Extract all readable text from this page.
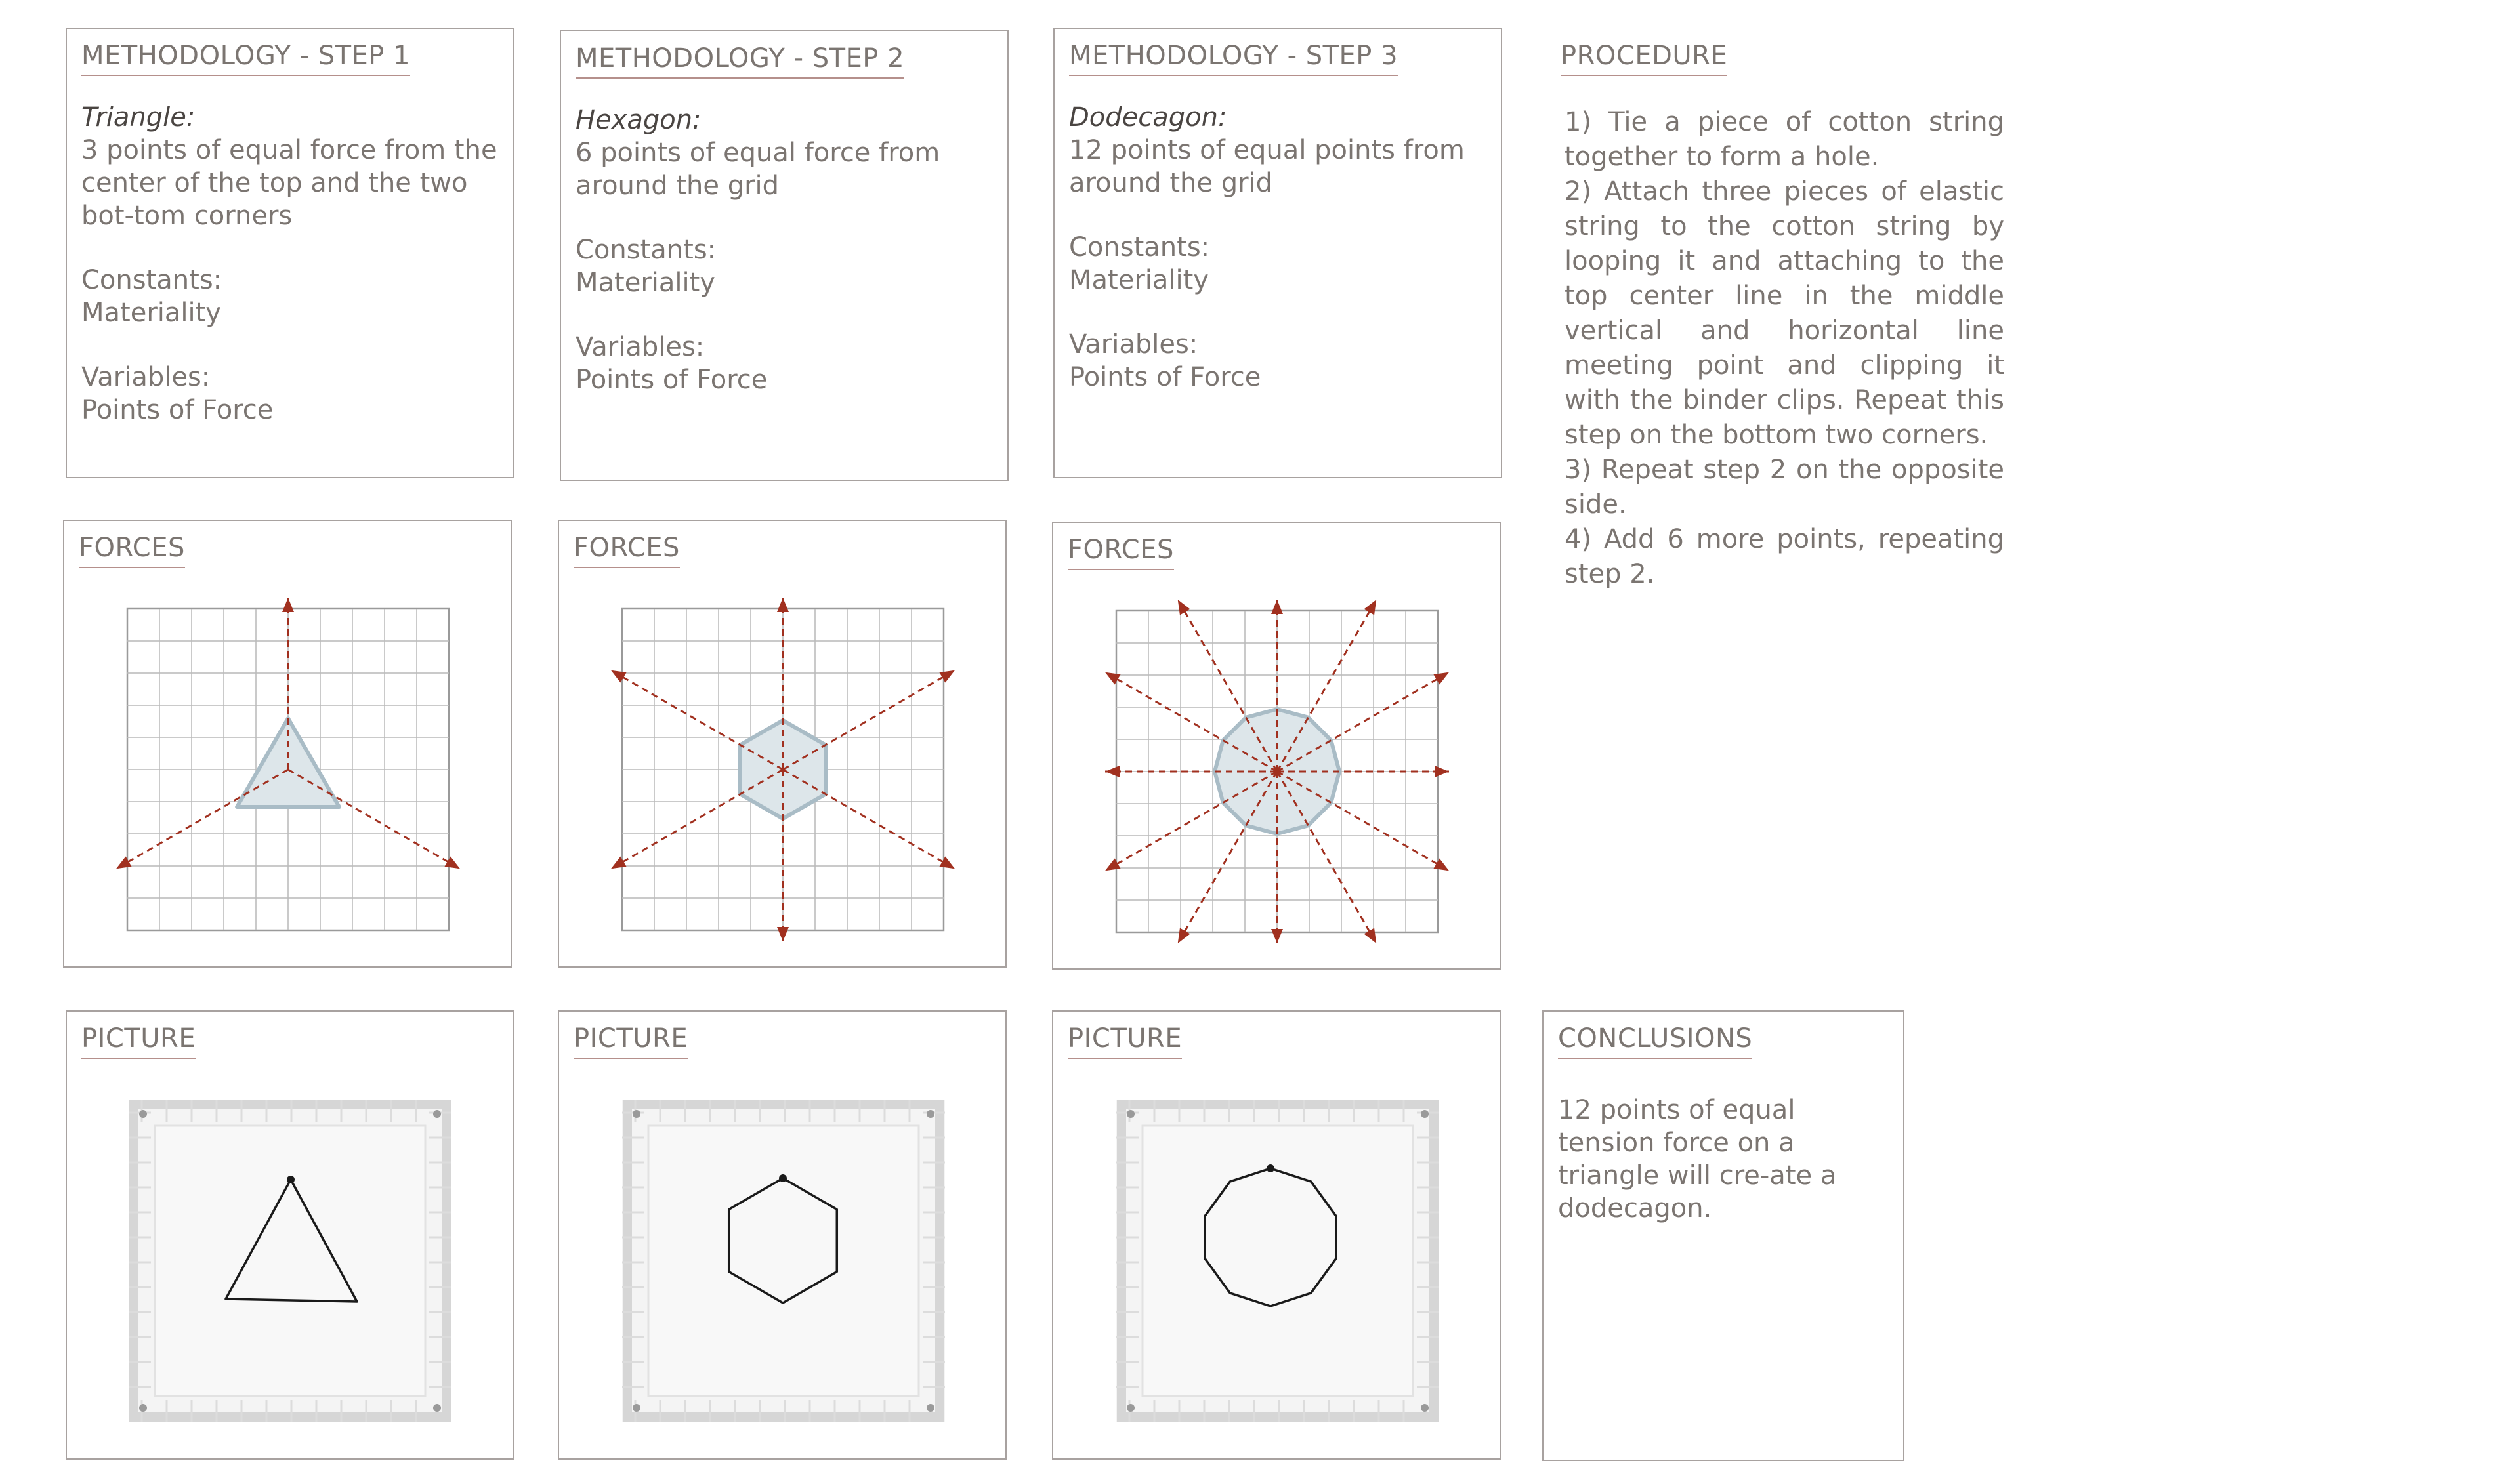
METHODOLOGY - STEP 1
Triangle:
3 points of equal force from the center of the top and the two bot-tom corners
Constants:
Materiality
Variables:
Points of Force
METHODOLOGY - STEP 2
Hexagon:
6 points of equal force from around the grid
Constants:
Materiality
Variables:
Points of Force
METHODOLOGY - STEP 3
Dodecagon:
12 points of equal points from around the grid
Constants:
Materiality
Variables:
Points of Force
PROCEDURE
1) Tie a piece of cotton string together to form a hole.
2) Attach three pieces of elastic string to the cotton string by looping it and attaching to the top center line in the middle vertical and horizontal line meeting point and clipping it with the binder clips. Repeat this step on the bottom two corners.
3) Repeat step 2 on the opposite side.
4) Add 6 more points, repeating step 2.
FORCES	FORCES	FORCES
PICTURE	PICTURE	PICTURE	CONCLUSIONS
12 points of equal tension force on a triangle will cre-ate a dodecagon.
